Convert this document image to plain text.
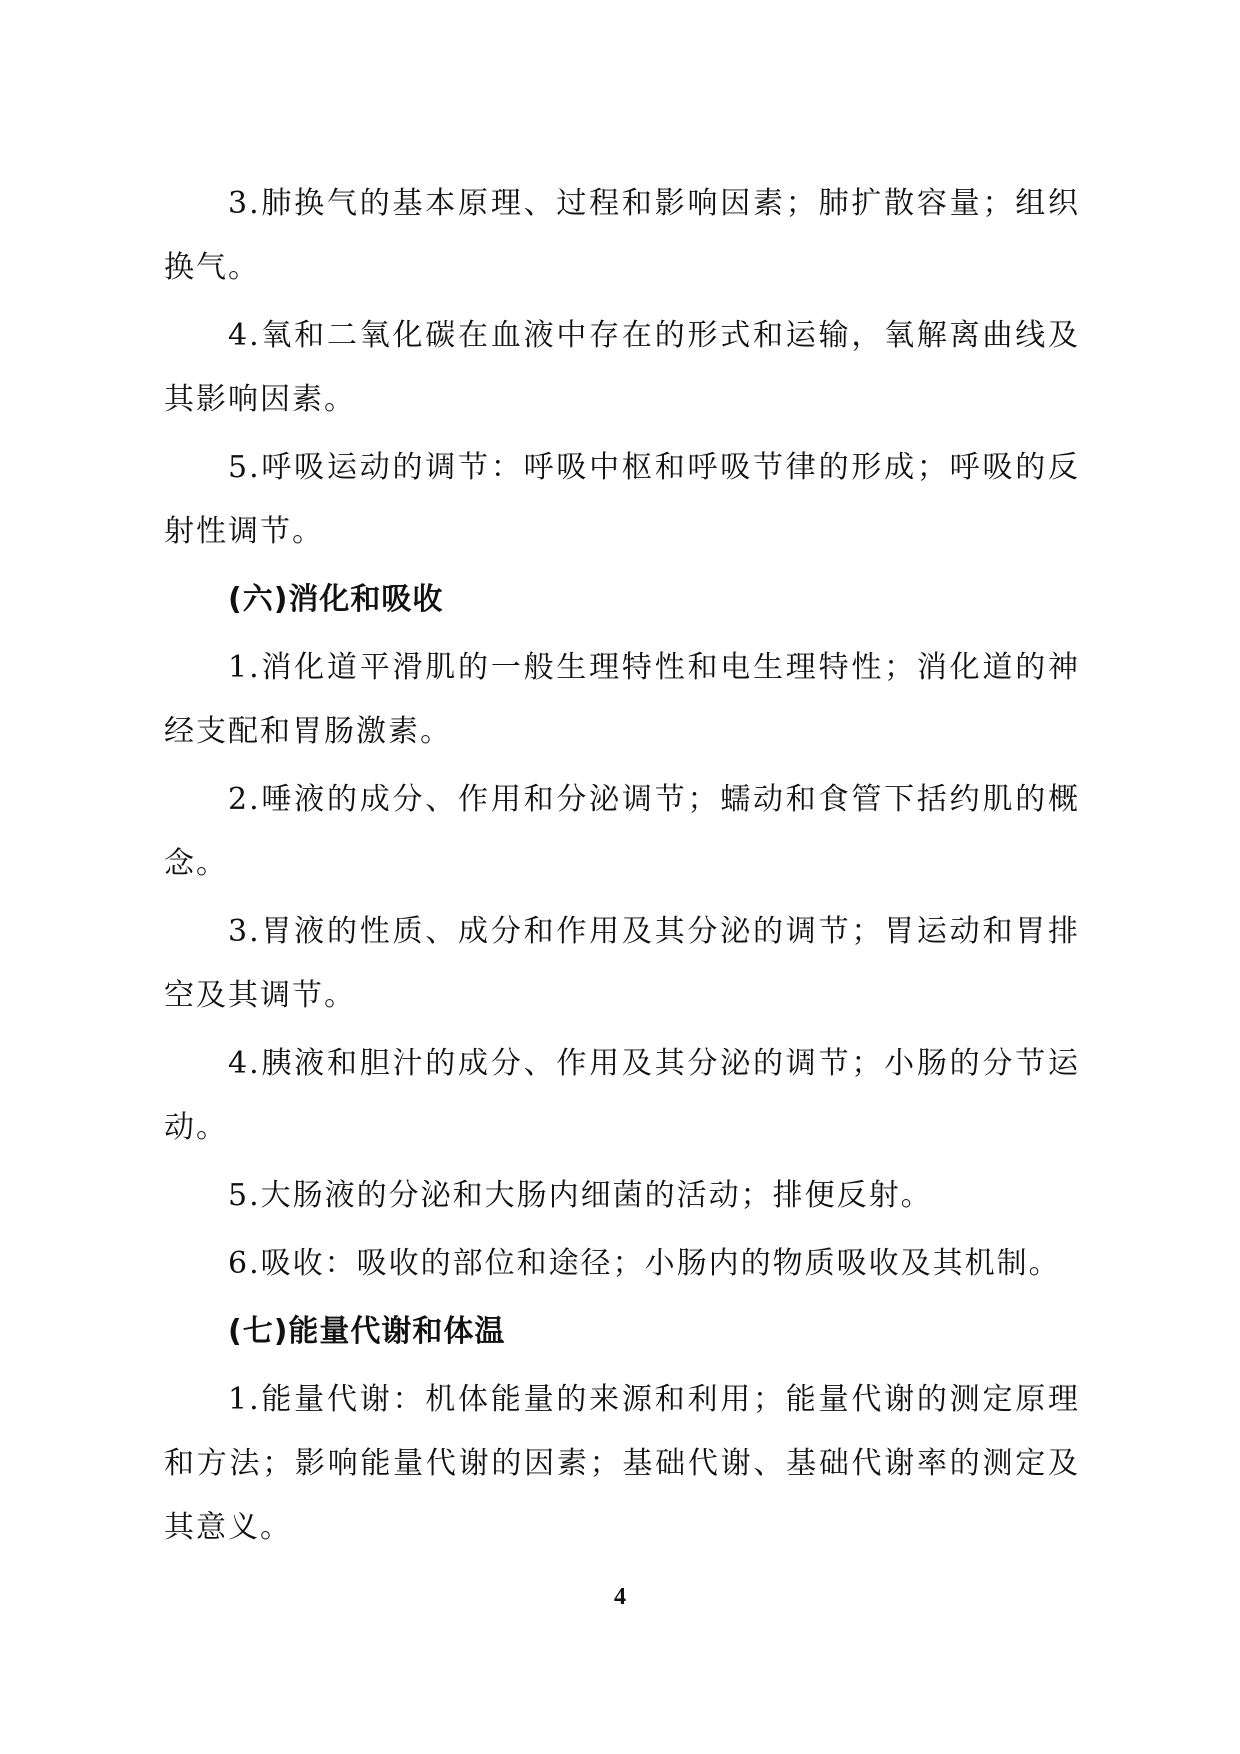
3.肺换气的基本原理、过程和影响因素；肺扩散容量；组织换气。

4.氧和二氧化碳在血液中存在的形式和运输，氧解离曲线及其影响因素。

5.呼吸运动的调节：呼吸中枢和呼吸节律的形成；呼吸的反射性调节。

(六)消化和吸收

1.消化道平滑肌的一般生理特性和电生理特性；消化道的神经支配和胃肠激素。

2.唾液的成分、作用和分泌调节；蠕动和食管下括约肌的概念。

3.胃液的性质、成分和作用及其分泌的调节；胃运动和胃排空及其调节。

4.胰液和胆汁的成分、作用及其分泌的调节；小肠的分节运动。

5.大肠液的分泌和大肠内细菌的活动；排便反射。

6.吸收：吸收的部位和途径；小肠内的物质吸收及其机制。

(七)能量代谢和体温

1.能量代谢：机体能量的来源和利用；能量代谢的测定原理和方法；影响能量代谢的因素；基础代谢、基础代谢率的测定及其意义。

4
